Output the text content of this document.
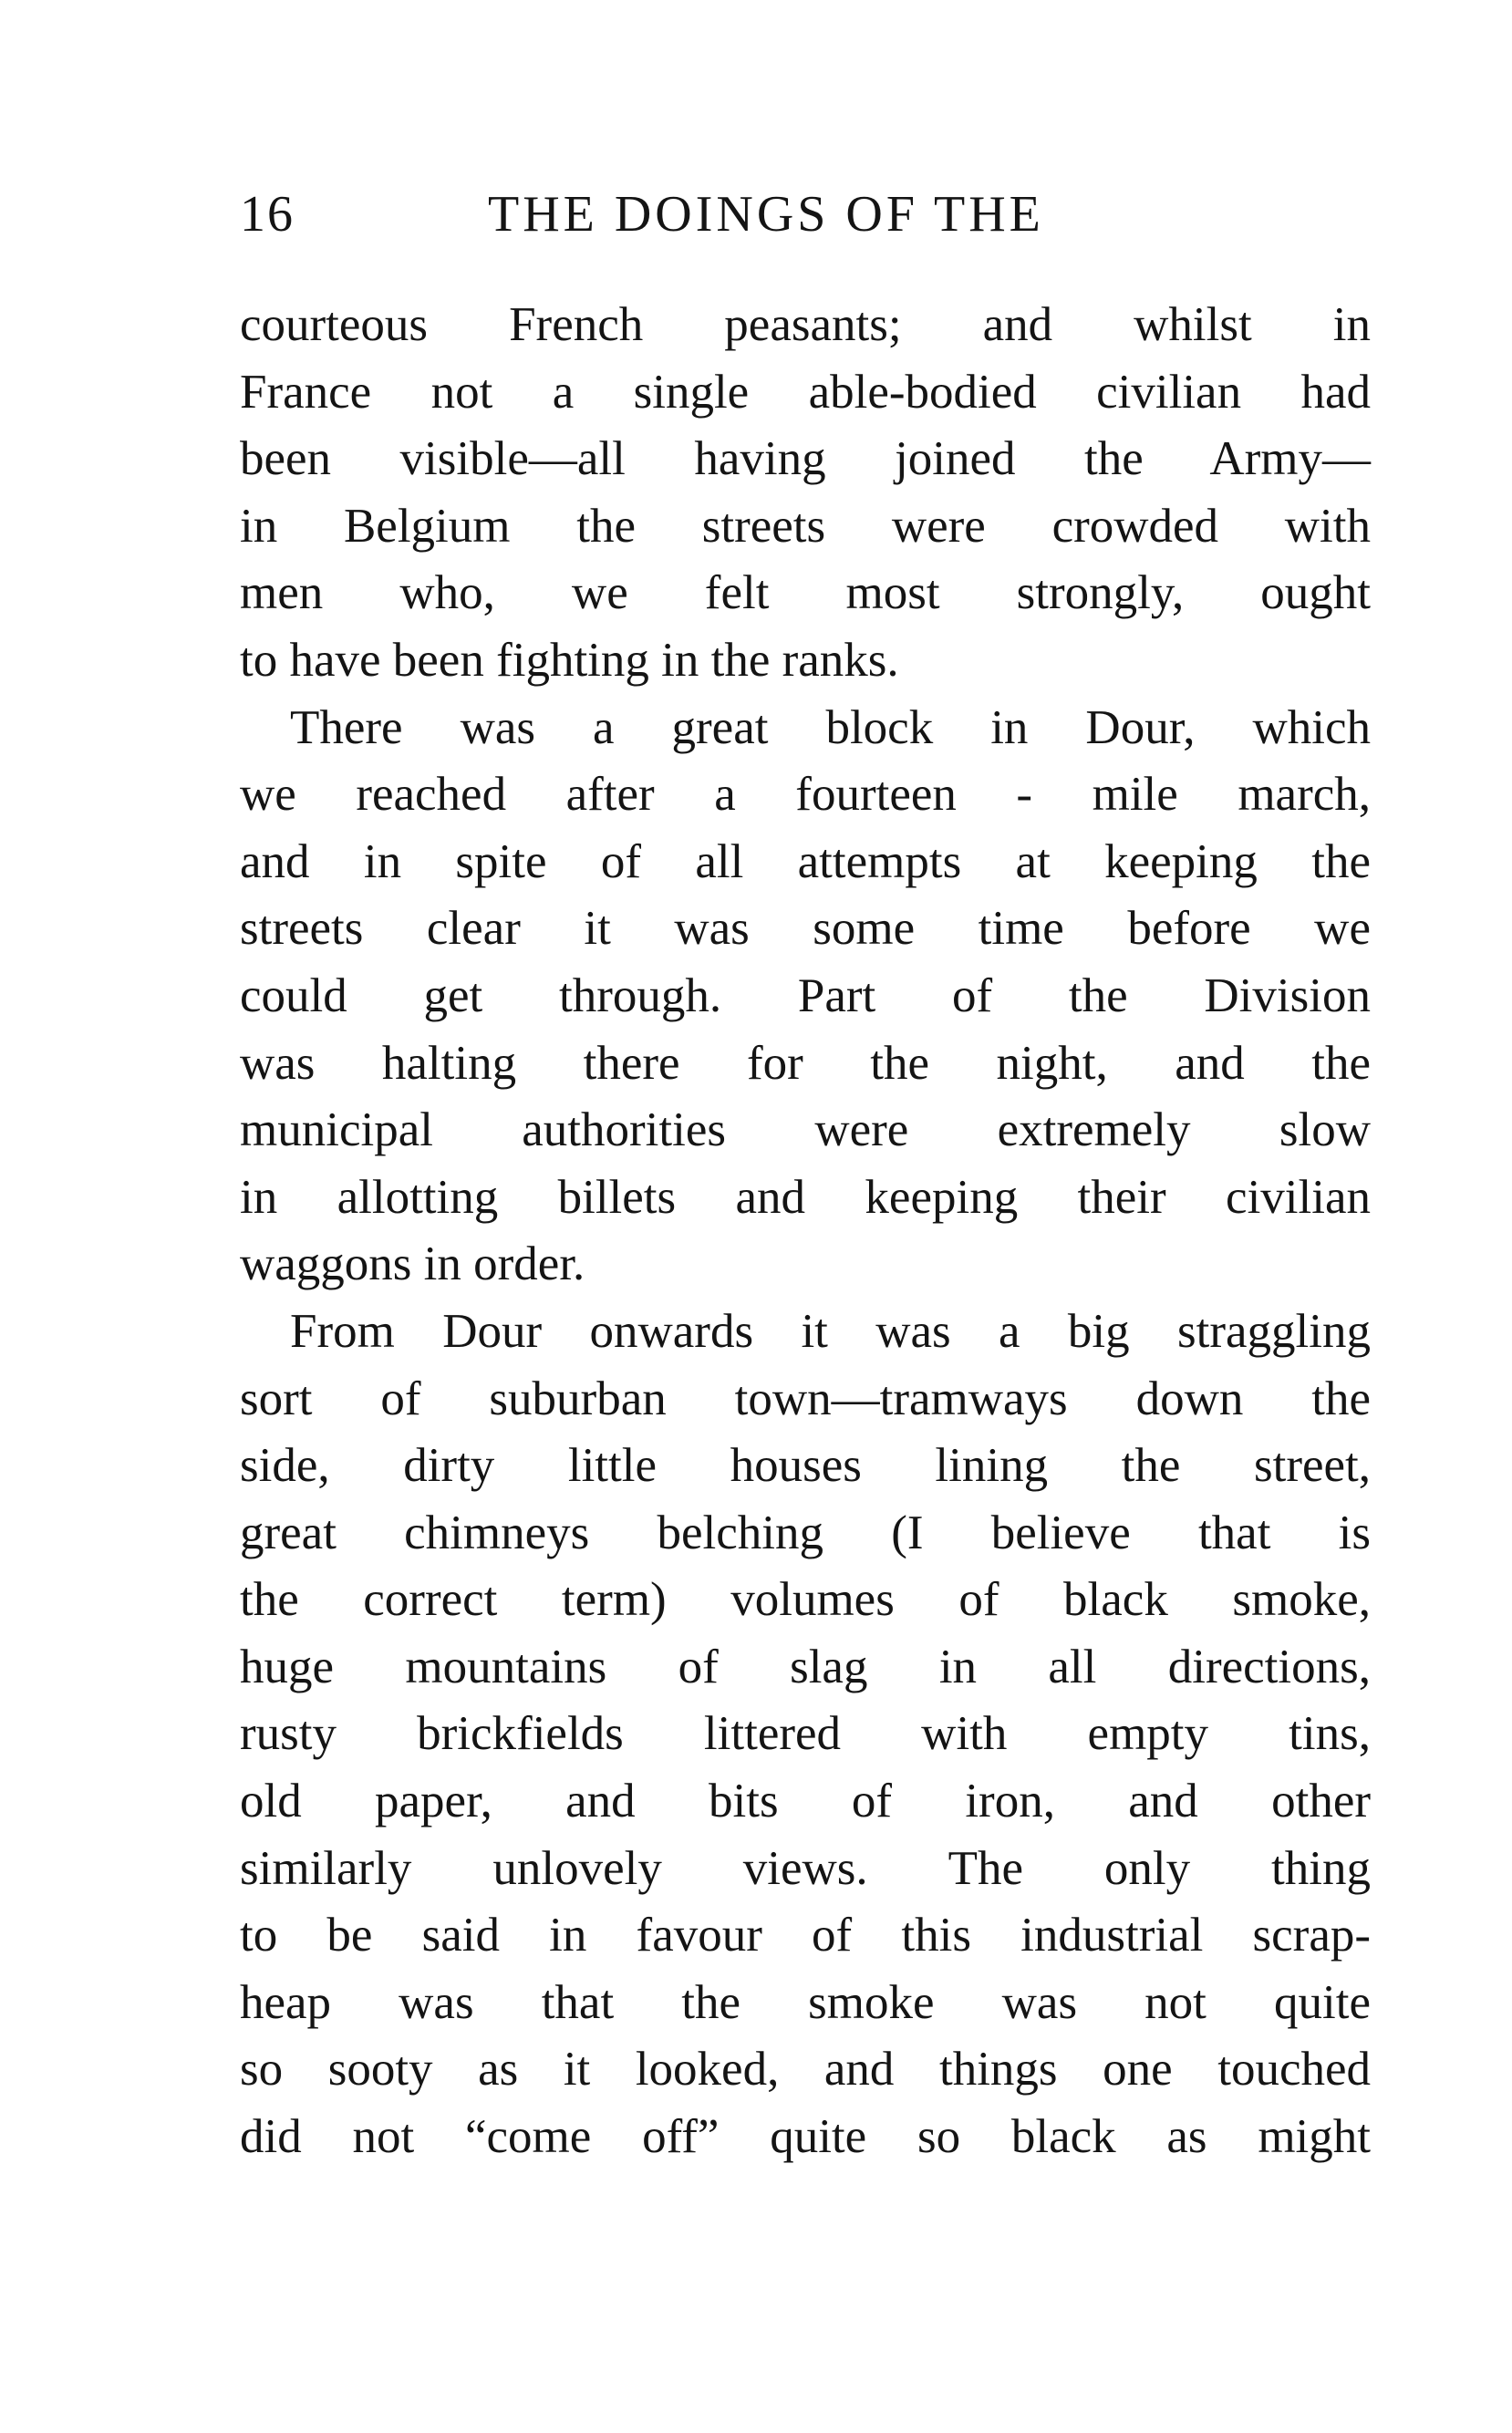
16	THE DOINGS OF THE
courteous French peasants; and whilst in
France not a single able-bodied civilian had
been visible—all having joined the Army—
in Belgium the streets were crowded with
men who, we felt most strongly, ought
to have been fighting in the ranks.
There was a great block in Dour, which
we reached after a fourteen - mile march,
and in spite of all attempts at keeping the
streets clear it was some time before we
could get through. Part of the Division
was halting there for the night, and the
municipal authorities were extremely slow
in allotting billets and keeping their civilian
waggons in order.
From Dour onwards it was a big straggling
sort of suburban town—tramways down the
side, dirty little houses lining the street,
great chimneys belching (I believe that is
the correct term) volumes of black smoke,
huge mountains of slag in all directions,
rusty brickfields littered with empty tins,
old paper, and bits of iron, and other
similarly unlovely views. The only thing
to be said in favour of this industrial scrap-
heap was that the smoke was not quite
so sooty as it looked, and things one touched
did not “come off” quite so black as might
